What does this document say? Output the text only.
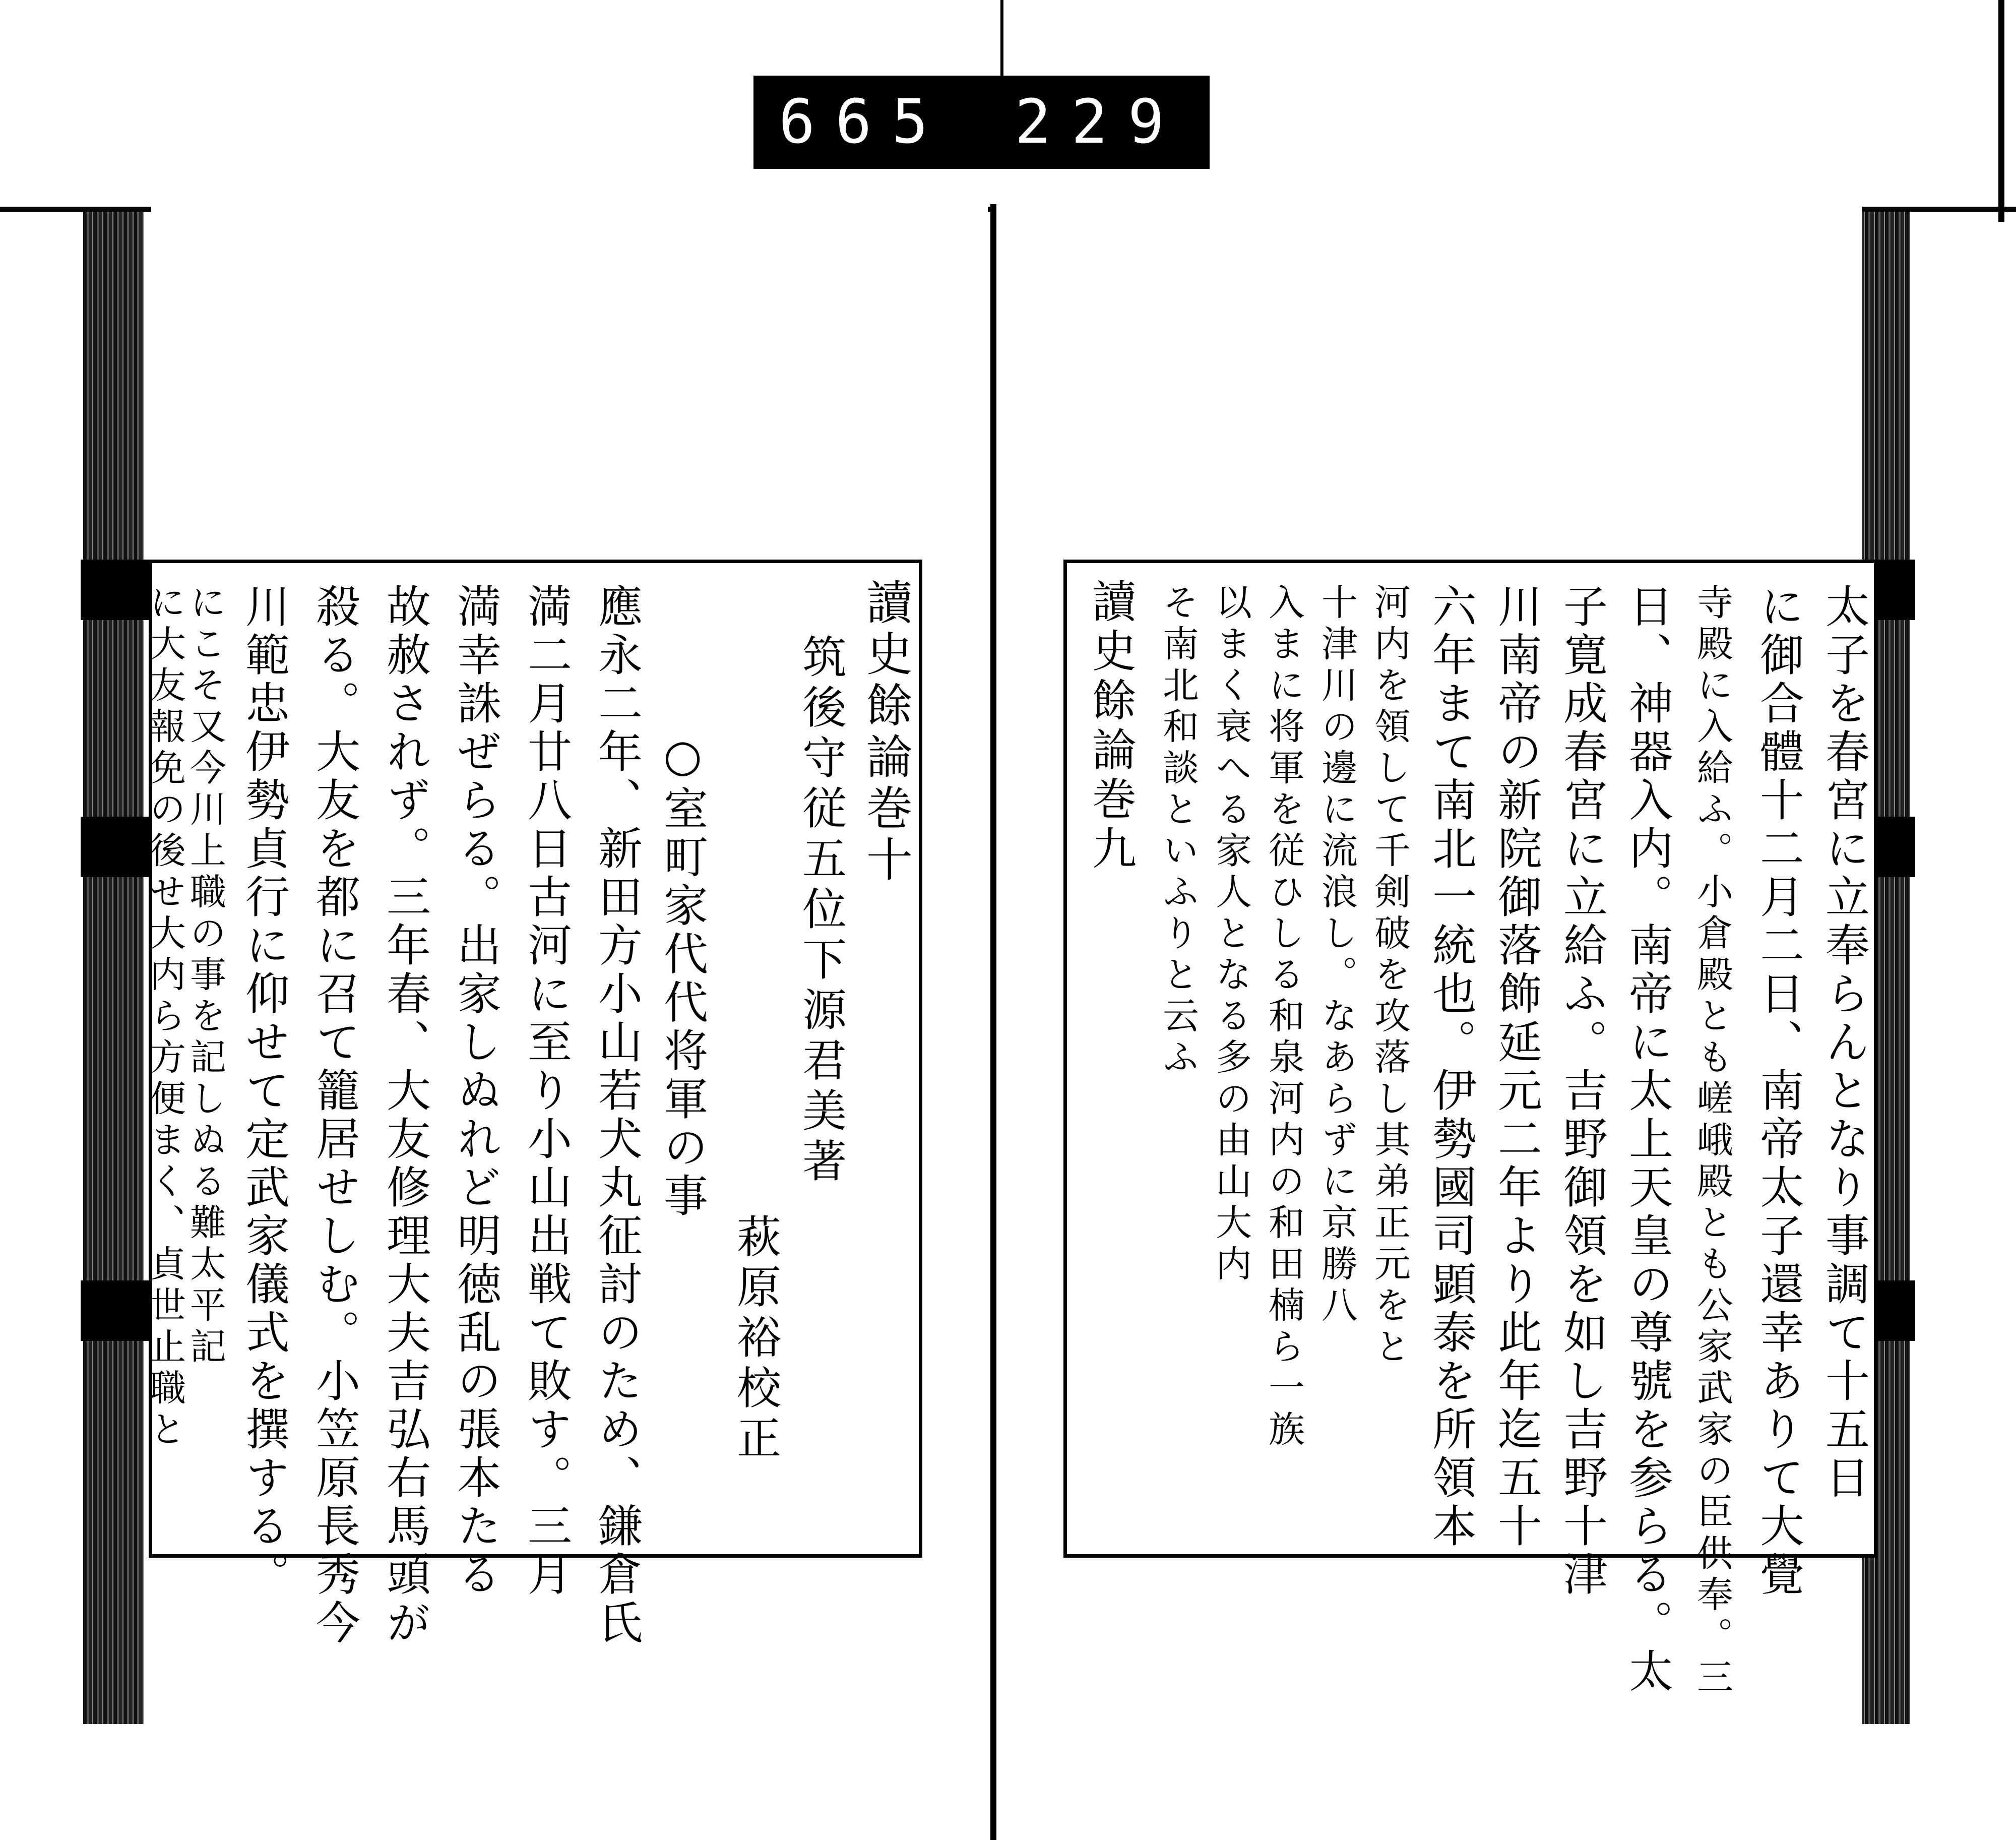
665 229
讀史餘論巻十
筑後守従五位下源君美著
萩原裕校正
○室町家代代将軍の事
應永二年、新田方小山若犬丸征討のため、鎌倉氏
満二月廿八日古河に至り小山出戦て敗す。三月
満幸誅ぜらる。出家しぬれど明徳乱の張本たる
故赦されず。三年春、大友修理大夫吉弘右馬頭が
殺る。大友を都に召て籠居せしむ。小笠原長秀今
川範忠伊勢貞行に仰せて定武家儀式を撰する。
にこそ又今川上職の事を記しぬる難太平記
に大友報免の後せ大内ら方便まく、貞世止職と	太子を春宮に立奉らんとなり事調て十五日
に御合體十二月二日、南帝太子還幸ありて大覺
寺殿に入給ふ。小倉殿とも嵯峨殿とも公家武家の臣供奉。三
日、神器入内。南帝に太上天皇の尊號を参らる。太
子寛成春宮に立給ふ。吉野御領を如し吉野十津
川南帝の新院御落飾延元二年より此年迄五十
六年まて南北一統也。伊勢國司顕泰を所領本
河内を領して千剣破を攻落し其弟正元をと
十津川の邊に流浪し。なあらずに京勝八
入まに将軍を従ひしる和泉河内の和田楠ら一族
以まく衰へる家人となる多の由山大内
そ南北和談といふりと云ふ
讀史餘論巻九
